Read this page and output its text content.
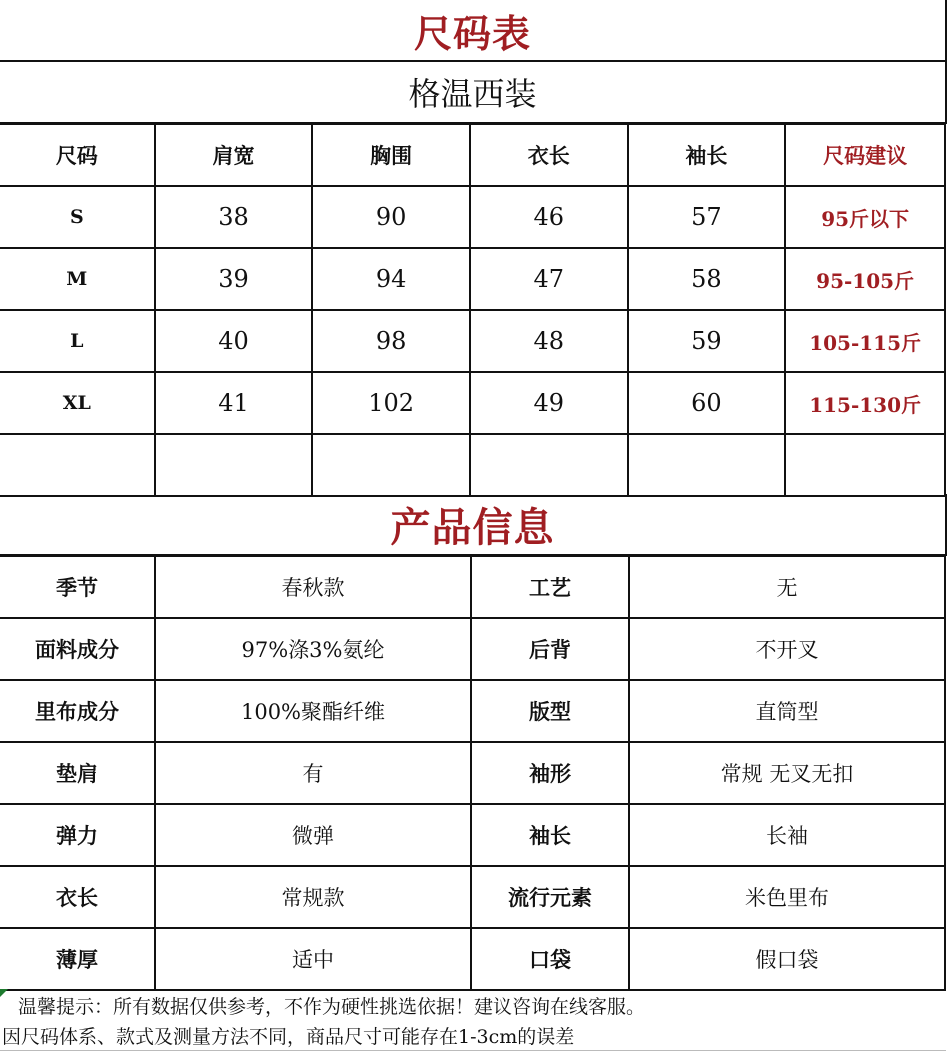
尺码表
格温西装
尺码	肩宽	胸围	衣长	袖长	尺码建议
S	38	90	46	57	95斤以下
M	39	94	47	58	95-105斤
L	40	98	48	59	105-115斤
XL	41	102	49	60	115-130斤

产品信息
季节	春秋款	工艺	无
面料成分	97%涤3%氨纶	后背	不开叉
里布成分	100%聚酯纤维	版型	直筒型
垫肩	有	袖形	常规 无叉无扣
弹力	微弹	袖长	长袖
衣长	常规款	流行元素	米色里布
薄厚	适中	口袋	假口袋
温馨提示：所有数据仅供参考，不作为硬性挑选依据！建议咨询在线客服。
因尺码体系、款式及测量方法不同，商品尺寸可能存在1-3cm的误差
